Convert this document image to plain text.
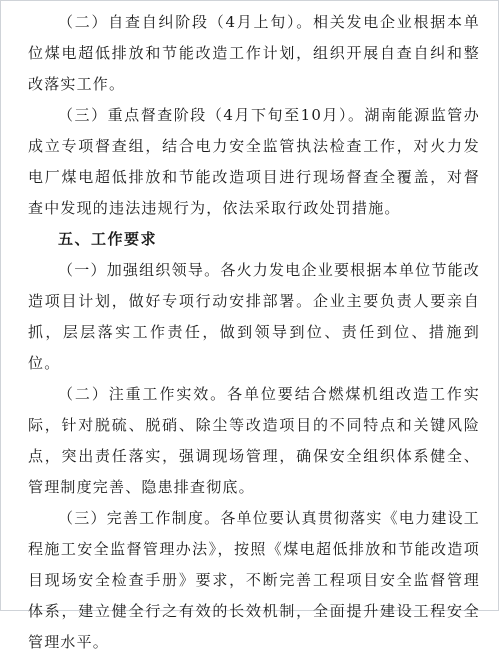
（二）自查自纠阶段（4月上旬）。相关发电企业根据本单位煤电超低排放和节能改造工作计划，组织开展自查自纠和整改落实工作。

（三）重点督查阶段（4月下旬至10月）。湖南能源监管办成立专项督查组，结合电力安全监管执法检查工作，对火力发电厂煤电超低排放和节能改造项目进行现场督查全覆盖，对督查中发现的违法违规行为，依法采取行政处罚措施。

五、工作要求

（一）加强组织领导。各火力发电企业要根据本单位节能改造项目计划，做好专项行动安排部署。企业主要负责人要亲自抓，层层落实工作责任，做到领导到位、责任到位、措施到位。

（二）注重工作实效。各单位要结合燃煤机组改造工作实际，针对脱硫、脱硝、除尘等改造项目的不同特点和关键风险点，突出责任落实，强调现场管理，确保安全组织体系健全、管理制度完善、隐患排查彻底。

（三）完善工作制度。各单位要认真贯彻落实《电力建设工程施工安全监督管理办法》，按照《煤电超低排放和节能改造项目现场安全检查手册》要求，不断完善工程项目安全监督管理体系，建立健全行之有效的长效机制，全面提升建设工程安全管理水平。
